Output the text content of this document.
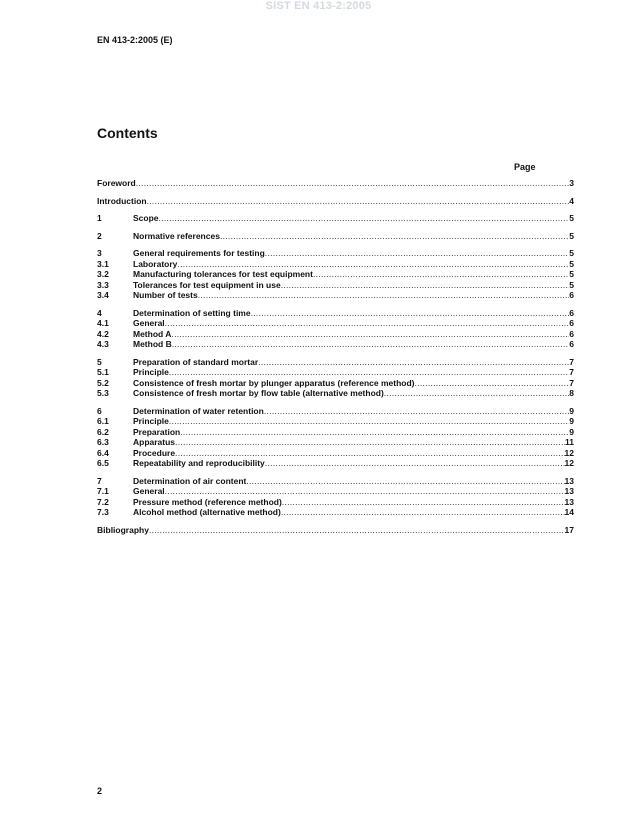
SIST EN 413-2:2005
EN 413-2:2005 (E)
Contents
Page
Foreword .....	3
Introduction .....	4
1	Scope .....	5
2	Normative references .....	5
3	General requirements for testing .....	5
3.1	Laboratory .....	5
3.2	Manufacturing tolerances for test equipment .....	5
3.3	Tolerances for test equipment in use .....	5
3.4	Number of tests .....	6
4	Determination of setting time .....	6
4.1	General .....	6
4.2	Method A .....	6
4.3	Method B .....	6
5	Preparation of standard mortar .....	7
5.1	Principle .....	7
5.2	Consistence of fresh mortar by plunger apparatus (reference method) .....	7
5.3	Consistence of fresh mortar by flow table (alternative method) .....	8
6	Determination of water retention .....	9
6.1	Principle .....	9
6.2	Preparation .....	9
6.3	Apparatus .....	11
6.4	Procedure .....	12
6.5	Repeatability and reproducibility .....	12
7	Determination of air content .....	13
7.1	General .....	13
7.2	Pressure method (reference method) .....	13
7.3	Alcohol method (alternative method) .....	14
Bibliography .....	17
2
